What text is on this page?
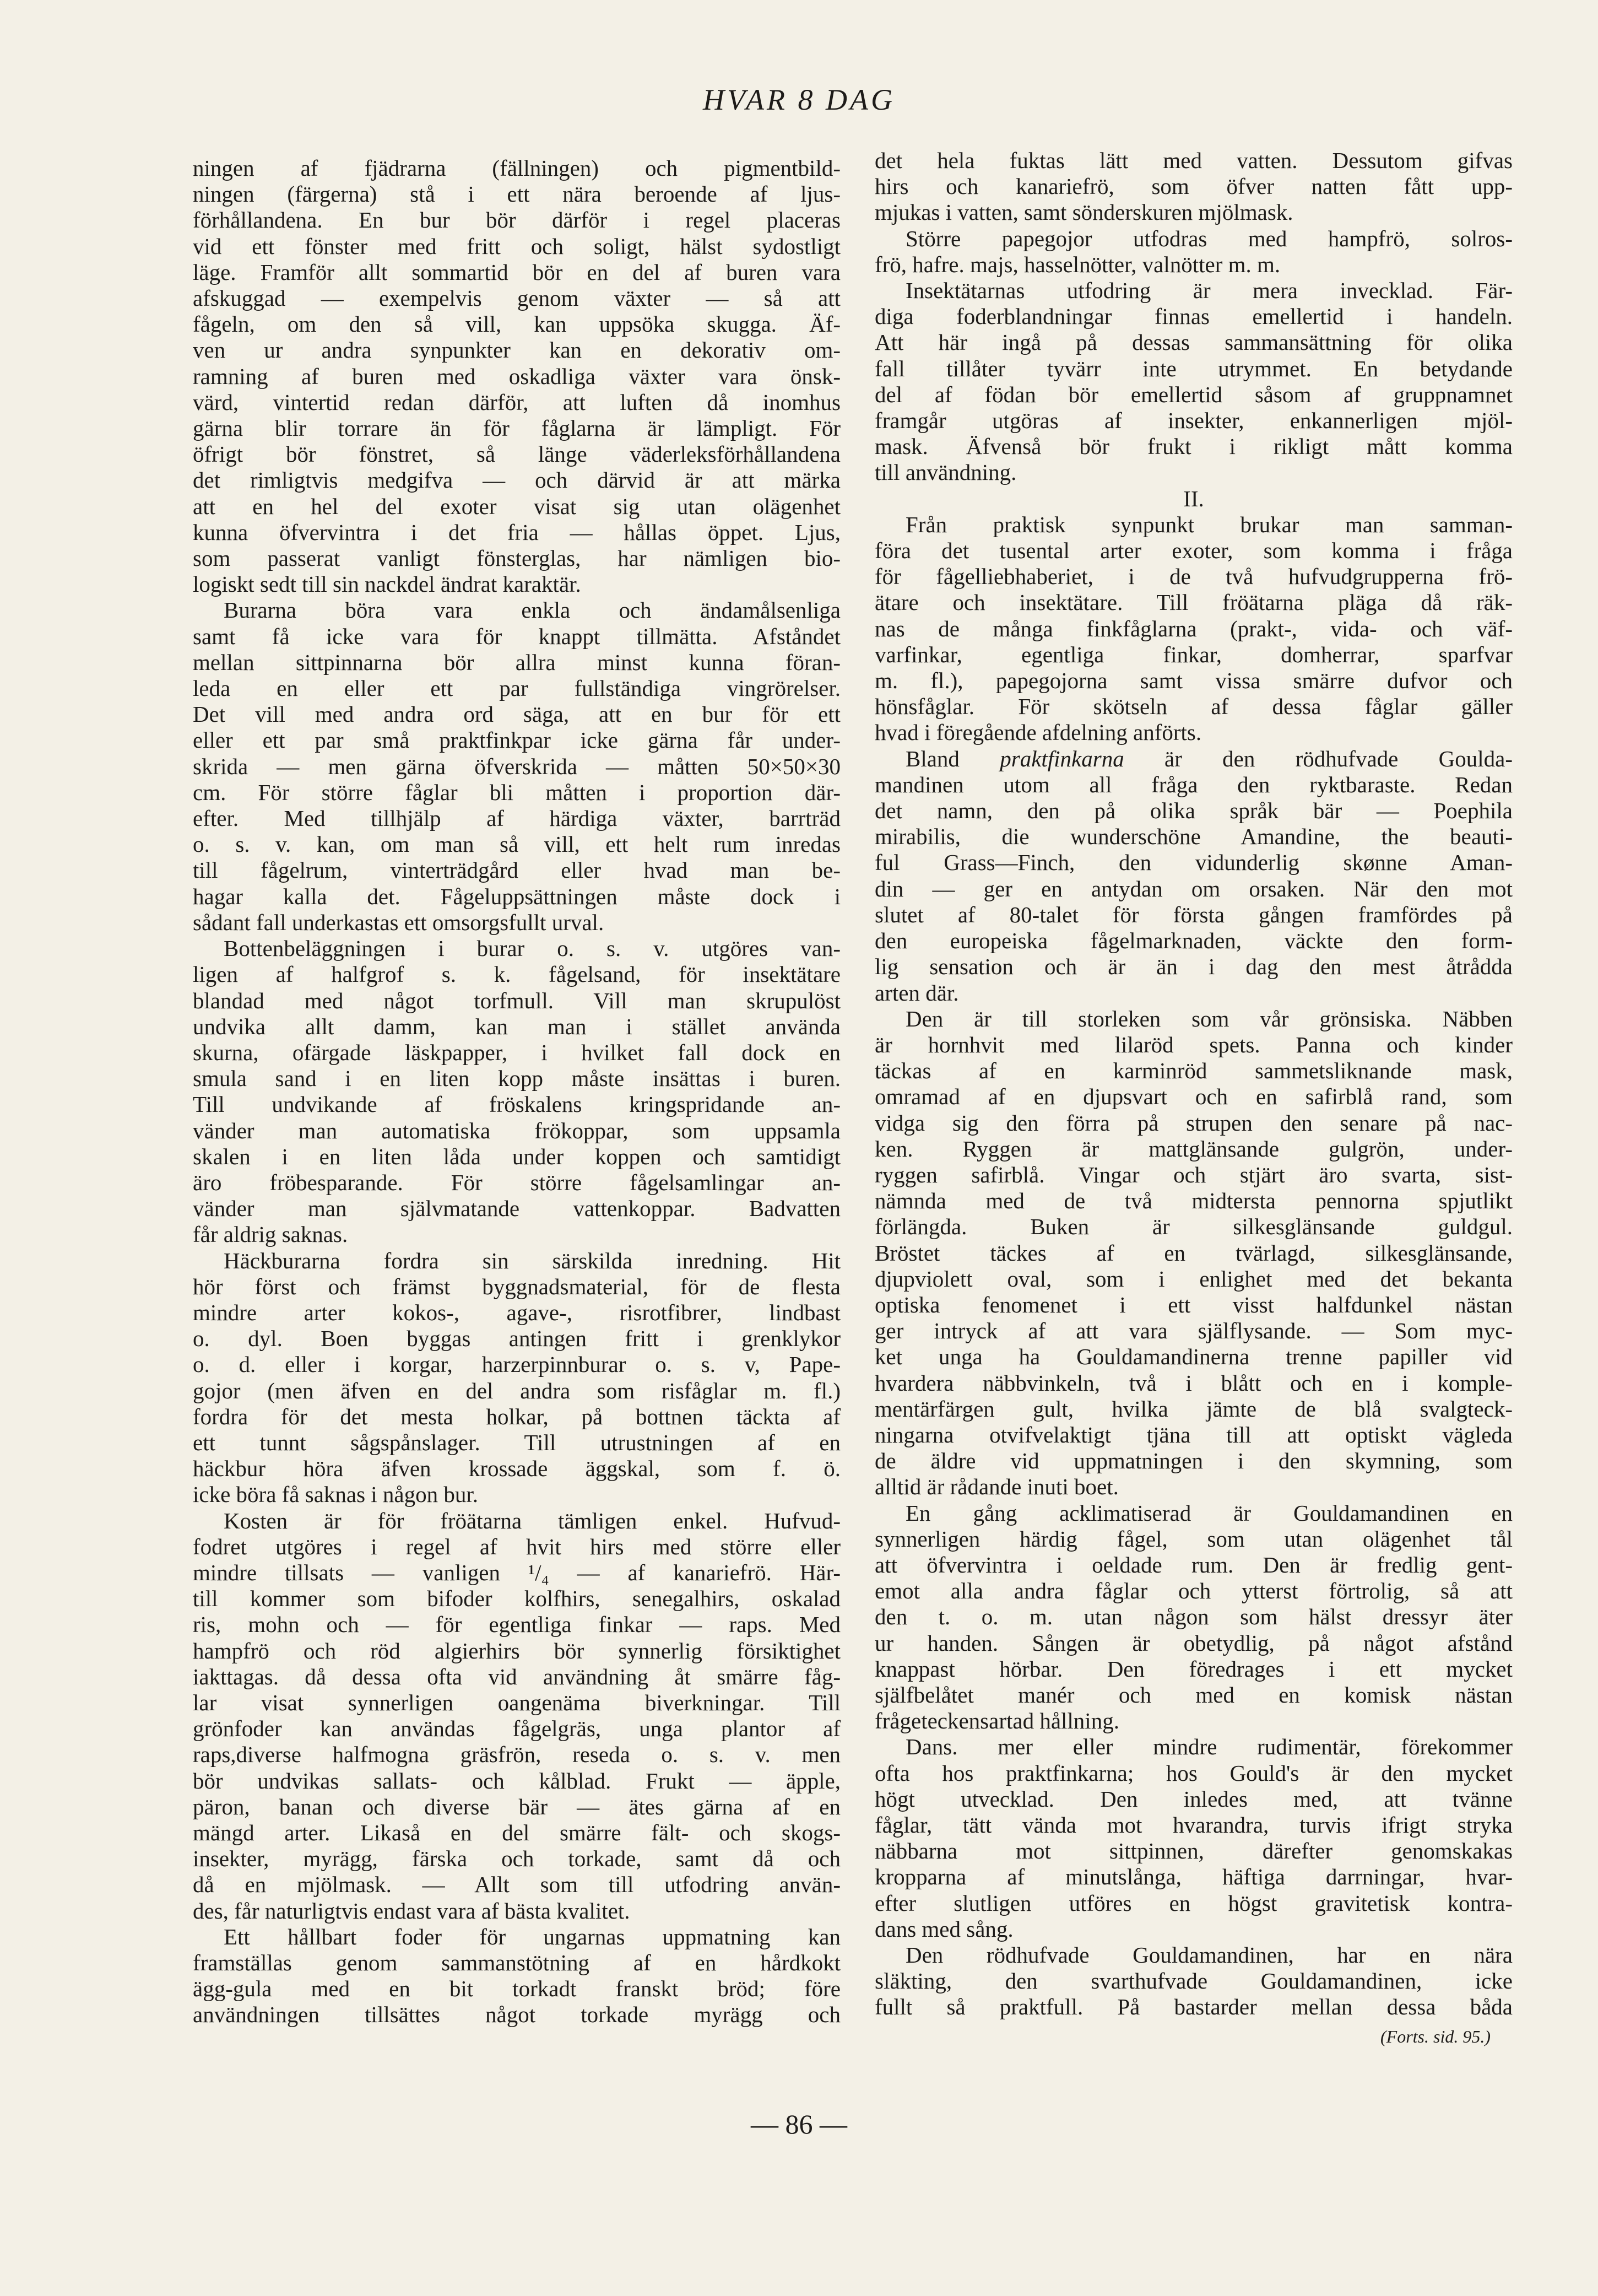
HVAR 8 DAG
ningen af fjädrarna (fällningen) och pigmentbild-
ningen (färgerna) stå i ett nära beroende af ljus-
förhållandena. En bur bör därför i regel placeras
vid ett fönster med fritt och soligt, hälst sydostligt
läge. Framför allt sommartid bör en del af buren vara
afskuggad — exempelvis genom växter — så att
fågeln, om den så vill, kan uppsöka skugga. Äf-
ven ur andra synpunkter kan en dekorativ om-
ramning af buren med oskadliga växter vara önsk-
värd, vintertid redan därför, att luften då inomhus
gärna blir torrare än för fåglarna är lämpligt. För
öfrigt bör fönstret, så länge väderleksförhållandena
det rimligtvis medgifva — och därvid är att märka
att en hel del exoter visat sig utan olägenhet
kunna öfvervintra i det fria — hållas öppet. Ljus,
som passerat vanligt fönsterglas, har nämligen bio-
logiskt sedt till sin nackdel ändrat karaktär.
Burarna böra vara enkla och ändamålsenliga
samt få icke vara för knappt tillmätta. Afståndet
mellan sittpinnarna bör allra minst kunna föran-
leda en eller ett par fullständiga vingrörelser.
Det vill med andra ord säga, att en bur för ett
eller ett par små praktfinkpar icke gärna får under-
skrida — men gärna öfverskrida — måtten 50×50×30
cm. För större fåglar bli måtten i proportion där-
efter. Med tillhjälp af härdiga växter, barrträd
o. s. v. kan, om man så vill, ett helt rum inredas
till fågelrum, vinterträdgård eller hvad man be-
hagar kalla det. Fågeluppsättningen måste dock i
sådant fall underkastas ett omsorgsfullt urval.
Bottenbeläggningen i burar o. s. v. utgöres van-
ligen af halfgrof s. k. fågelsand, för insektätare
blandad med något torfmull. Vill man skrupulöst
undvika allt damm, kan man i stället använda
skurna, ofärgade läskpapper, i hvilket fall dock en
smula sand i en liten kopp måste insättas i buren.
Till undvikande af fröskalens kringspridande an-
vänder man automatiska frökoppar, som uppsamla
skalen i en liten låda under koppen och samtidigt
äro fröbesparande. För större fågelsamlingar an-
vänder man självmatande vattenkoppar. Badvatten
får aldrig saknas.
Häckburarna fordra sin särskilda inredning. Hit
hör först och främst byggnadsmaterial, för de flesta
mindre arter kokos-, agave-, risrotfibrer, lindbast
o. dyl. Boen byggas antingen fritt i grenklykor
o. d. eller i korgar, harzerpinnburar o. s. v, Pape-
gojor (men äfven en del andra som risfåglar m. fl.)
fordra för det mesta holkar, på bottnen täckta af
ett tunnt sågspånslager. Till utrustningen af en
häckbur höra äfven krossade äggskal, som f. ö.
icke böra få saknas i någon bur.
Kosten är för fröätarna tämligen enkel. Hufvud-
fodret utgöres i regel af hvit hirs med större eller
mindre tillsats — vanligen ¹/₄ — af kanariefrö. Här-
till kommer som bifoder kolfhirs, senegalhirs, oskalad
ris, mohn och — för egentliga finkar — raps. Med
hampfrö och röd algierhirs bör synnerlig försiktighet
iakttagas. då dessa ofta vid användning åt smärre fåg-
lar visat synnerligen oangenäma biverkningar. Till
grönfoder kan användas fågelgräs, unga plantor af
raps,diverse halfmogna gräsfrön, reseda o. s. v. men
bör undvikas sallats- och kålblad. Frukt — äpple,
päron, banan och diverse bär — ätes gärna af en
mängd arter. Likaså en del smärre fält- och skogs-
insekter, myrägg, färska och torkade, samt då och
då en mjölmask. — Allt som till utfodring använ-
des, får naturligtvis endast vara af bästa kvalitet.
Ett hållbart foder för ungarnas uppmatning kan
framställas genom sammanstötning af en hårdkokt
ägg-gula med en bit torkadt franskt bröd; före
användningen tillsättes något torkade myrägg och
det hela fuktas lätt med vatten. Dessutom gifvas
hirs och kanariefrö, som öfver natten fått upp-
mjukas i vatten, samt sönderskuren mjölmask.
Större papegojor utfodras med hampfrö, solros-
frö, hafre. majs, hasselnötter, valnötter m. m.
Insektätarnas utfodring är mera invecklad. Fär-
diga foderblandningar finnas emellertid i handeln.
Att här ingå på dessas sammansättning för olika
fall tillåter tyvärr inte utrymmet. En betydande
del af födan bör emellertid såsom af gruppnamnet
framgår utgöras af insekter, enkannerligen mjöl-
mask. Äfvenså bör frukt i rikligt mått komma
till användning.
II.
Från praktisk synpunkt brukar man samman-
föra det tusental arter exoter, som komma i fråga
för fågelliebhaberiet, i de två hufvudgrupperna frö-
ätare och insektätare. Till fröätarna pläga då räk-
nas de många finkfåglarna (prakt-, vida- och väf-
varfinkar, egentliga finkar, domherrar, sparfvar
m. fl.), papegojorna samt vissa smärre dufvor och
hönsfåglar. För skötseln af dessa fåglar gäller
hvad i föregående afdelning anförts.
Bland praktfinkarna är den rödhufvade Goulda-
mandinen utom all fråga den ryktbaraste. Redan
det namn, den på olika språk bär — Poephila
mirabilis, die wunderschöne Amandine, the beauti-
ful Grass—Finch, den vidunderlig skønne Aman-
din — ger en antydan om orsaken. När den mot
slutet af 80-talet för första gången framfördes på
den europeiska fågelmarknaden, väckte den form-
lig sensation och är än i dag den mest åtrådda
arten där.
Den är till storleken som vår grönsiska. Näbben
är hornhvit med lilaröd spets. Panna och kinder
täckas af en karminröd sammetsliknande mask,
omramad af en djupsvart och en safirblå rand, som
vidga sig den förra på strupen den senare på nac-
ken. Ryggen är mattglänsande gulgrön, under-
ryggen safirblå. Vingar och stjärt äro svarta, sist-
nämnda med de två midtersta pennorna spjutlikt
förlängda. Buken är silkesglänsande guldgul.
Bröstet täckes af en tvärlagd, silkesglänsande,
djupviolett oval, som i enlighet med det bekanta
optiska fenomenet i ett visst halfdunkel nästan
ger intryck af att vara själflysande. — Som myc-
ket unga ha Gouldamandinerna trenne papiller vid
hvardera näbbvinkeln, två i blått och en i komple-
mentärfärgen gult, hvilka jämte de blå svalgteck-
ningarna otvifvelaktigt tjäna till att optiskt vägleda
de äldre vid uppmatningen i den skymning, som
alltid är rådande inuti boet.
En gång acklimatiserad är Gouldamandinen en
synnerligen härdig fågel, som utan olägenhet tål
att öfvervintra i oeldade rum. Den är fredlig gent-
emot alla andra fåglar och ytterst förtrolig, så att
den t. o. m. utan någon som hälst dressyr äter
ur handen. Sången är obetydlig, på något afstånd
knappast hörbar. Den föredrages i ett mycket
själfbelåtet manér och med en komisk nästan
frågeteckensartad hållning.
Dans. mer eller mindre rudimentär, förekommer
ofta hos praktfinkarna; hos Gould's är den mycket
högt utvecklad. Den inledes med, att tvänne
fåglar, tätt vända mot hvarandra, turvis ifrigt stryka
näbbarna mot sittpinnen, därefter genomskakas
kropparna af minutslånga, häftiga darrningar, hvar-
efter slutligen utföres en högst gravitetisk kontra-
dans med sång.
Den rödhufvade Gouldamandinen, har en nära
släkting, den svarthufvade Gouldamandinen, icke
fullt så praktfull. På bastarder mellan dessa båda
(Forts. sid. 95.)
— 86 —
